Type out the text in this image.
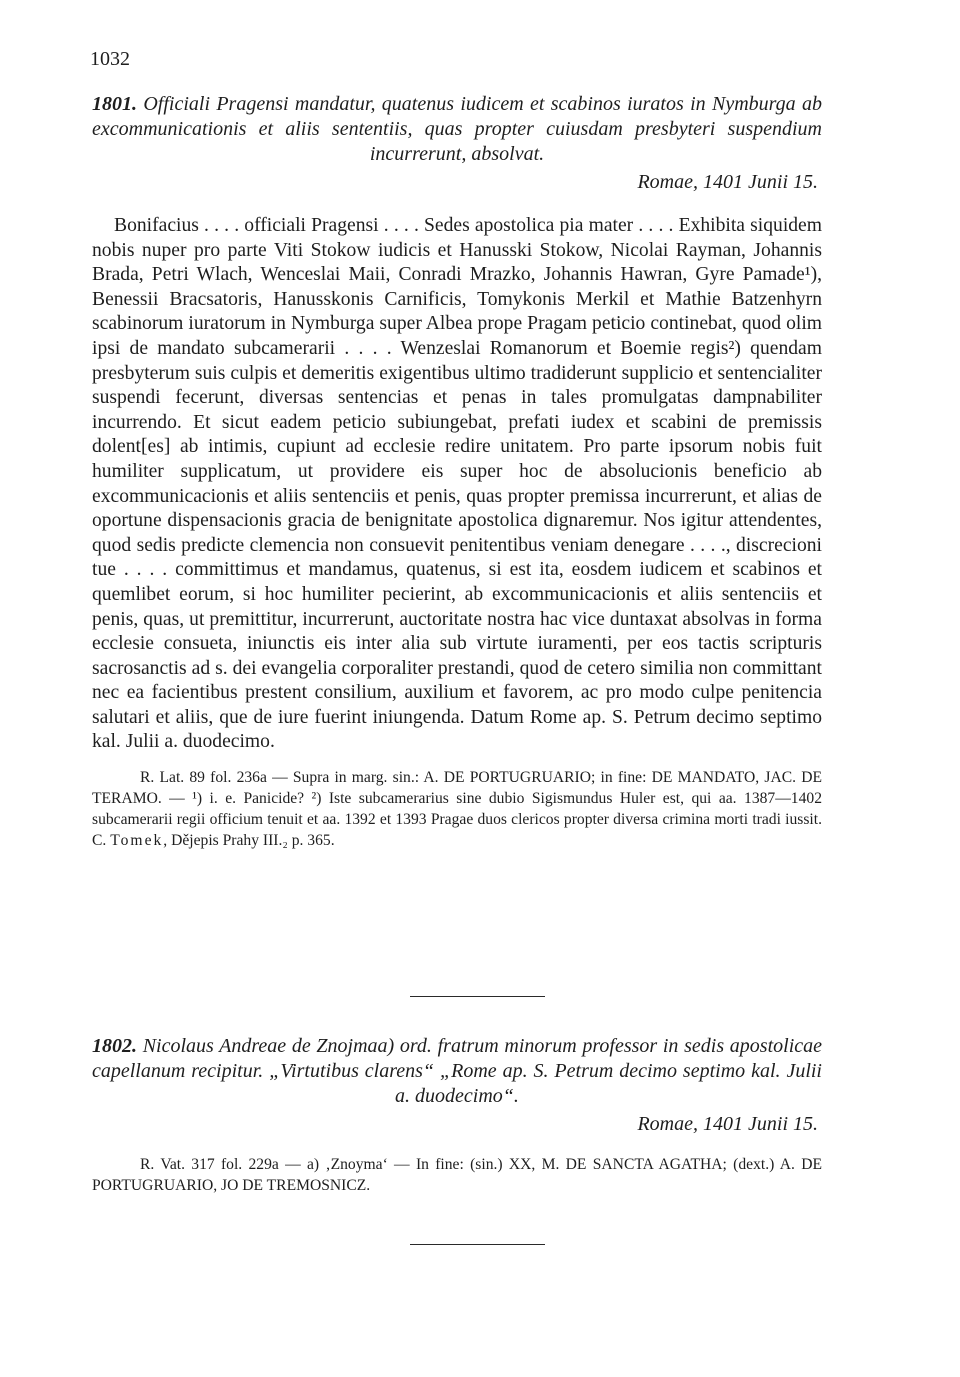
1032
1801. Officiali Pragensi mandatur, quatenus iudicem et scabinos iuratos in Nymburga ab excommunicationis et aliis sententiis, quas propter cuiusdam presbyteri suspendium incurrerunt, absolvat.
Romae, 1401 Junii 15.

Bonifacius . . . . officiali Pragensi . . . . Sedes apostolica pia mater . . . . Exhibita siquidem nobis nuper pro parte Viti Stokow iudicis et Hanusski Stokow, Nicolai Rayman, Johannis Brada, Petri Wlach, Wenceslai Maii, Conradi Mrazko, Johannis Hawran, Gyre Pamade¹), Benessii Bracsatoris, Hanusskonis Carnificis, Tomykonis Merkil et Mathie Batzenhyrn scabinorum iuratorum in Nymburga super Albea prope Pragam peticio continebat, quod olim ipsi de mandato subcamerarii . . . . Wenzeslai Romanorum et Boemie regis²) quendam presbyterum suis culpis et demeritis exigentibus ultimo tradiderunt supplicio et sentencialiter suspendi fecerunt, diversas sentencias et penas in tales promulgatas dampnabiliter incurrendo. Et sicut eadem peticio subiungebat, prefati iudex et scabini de premissis dolent[es] ab intimis, cupiunt ad ecclesie redire unitatem. Pro parte ipsorum nobis fuit humiliter supplicatum, ut providere eis super hoc de absolucionis beneficio ab excommunicacionis et aliis sentenciis et penis, quas propter premissa incurrerunt, et alias de oportune dispensacionis gracia de benignitate apostolica dignaremur. Nos igitur attendentes, quod sedis predicte clemencia non consuevit penitentibus veniam denegare . . . ., discrecioni tue . . . . committimus et mandamus, quatenus, si est ita, eosdem iudicem et scabinos et quemlibet eorum, si hoc humiliter pecierint, ab excommunicacionis et aliis sentenciis et penis, quas, ut premittitur, incurrerunt, auctoritate nostra hac vice duntaxat absolvas in forma ecclesie consueta, iniunctis eis inter alia sub virtute iuramenti, per eos tactis scripturis sacrosanctis ad s. dei evangelia corporaliter prestandi, quod de cetero similia non committant nec ea facientibus prestent consilium, auxilium et favorem, ac pro modo culpe penitencia salutari et aliis, que de iure fuerint iniungenda. Datum Rome ap. S. Petrum decimo septimo kal. Julii a. duodecimo.

R. Lat. 89 fol. 236a — Supra in marg. sin.: A. DE PORTUGRUARIO; in fine: DE MANDATO, JAC. DE TERAMO. — ¹) i. e. Panicide? ²) Iste subcamerarius sine dubio Sigismundus Huler est, qui aa. 1387—1402 subcamerarii regii officium tenuit et aa. 1392 et 1393 Pragae duos clericos propter diversa crimina morti tradi iussit. C. Tomek, Dějepis Prahy III.₂ p. 365.

1802. Nicolaus Andreae de Znojmaa) ord. fratrum minorum professor in sedis apostolicae capellanum recipitur. „Virtutibus clarens“ „Rome ap. S. Petrum decimo septimo kal. Julii a. duodecimo“.
Romae, 1401 Junii 15.

R. Vat. 317 fol. 229a — a) ‚Znoyma‘ — In fine: (sin.) XX, M. DE SANCTA AGATHA; (dext.) A. DE PORTUGRUARIO, JO DE TREMOSNICZ.
